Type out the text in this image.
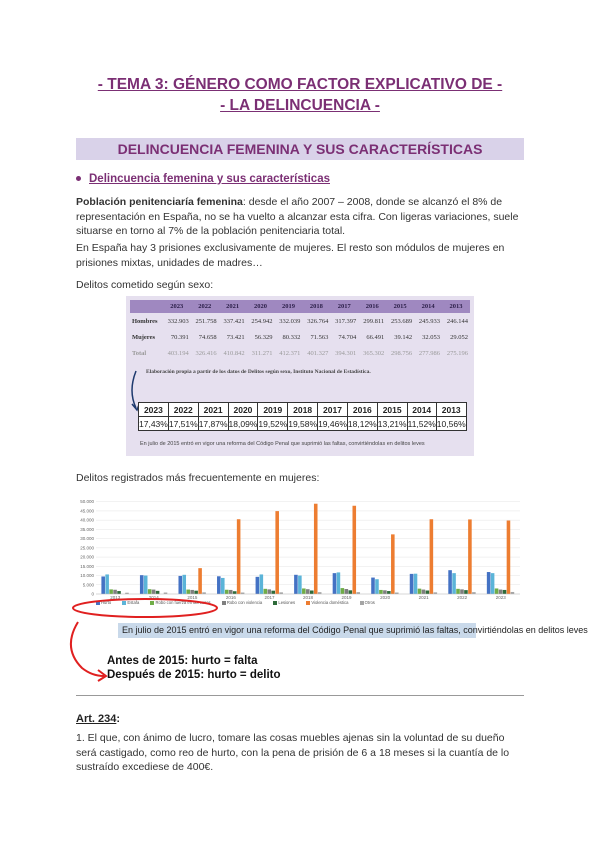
- TEMA 3: GÉNERO COMO FACTOR EXPLICATIVO DE -
- LA DELINCUENCIA -
DELINCUENCIA FEMENINA Y SUS CARACTERÍSTICAS
Delincuencia femenina y sus características
Población penitenciaría femenina: desde el año 2007 – 2008, donde se alcanzó el 8% de representación en España, no se ha vuelto a alcanzar esta cifra. Con ligeras variaciones, suele situarse en torno al 7% de la población penitenciaria total.
En España hay 3 prisiones exclusivamente de mujeres. El resto son módulos de mujeres en prisiones mixtas, unidades de madres…
Delitos cometido según sexo:
	2023	2022	2021	2020	2019	2018	2017	2016	2015	2014	2013
Hombres	332.903	251.758	337.421	254.942	332.039	326.764	317.397	299.811	253.689	245.933	246.144
Mujeres	70.391	74.658	73.421	56.329	80.332	71.563	74.704	66.491	39.142	32.053	29.052
Total	403.194	326.416	410.842	311.271	412.371	401.327	394.301	365.302	298.756	277.986	275.196
Elaboración propia a partir de los datos de Delitos según sexo, Instituto Nacional de Estadística.
2023	2022	2021	2020	2019	2018	2017	2016	2015	2014	2013
17,43%	17,51%	17,87%	18,09%	19,52%	19,58%	19,46%	18,12%	13,21%	11,52%	10,56%
En julio de 2015 entró en vigor una reforma del Código Penal que suprimió las faltas, convirtiéndolas en delitos leves
Delitos registrados más frecuentemente en mujeres:
0
5.000
10.000
15.000
20.000
25.000
30.000
35.000
40.000
45.000
50.000
2013	2014	2015	2016	2017	2018	2019	2020	2021	2022	2023
Hurto	Estafa	Robo con fuerza en las cosas	Robo con violencia	Lesiones	Violencia doméstica	Otros
En julio de 2015 entró en vigor una reforma del Código Penal que suprimió las faltas, convirtiéndolas en delitos leves
Antes de 2015: hurto = falta
Después de 2015: hurto = delito
Art. 234:
1. El que, con ánimo de lucro, tomare las cosas muebles ajenas sin la voluntad de su dueño será castigado, como reo de hurto, con la pena de prisión de 6 a 18 meses si la cuantía de lo sustraído excediese de 400€.
